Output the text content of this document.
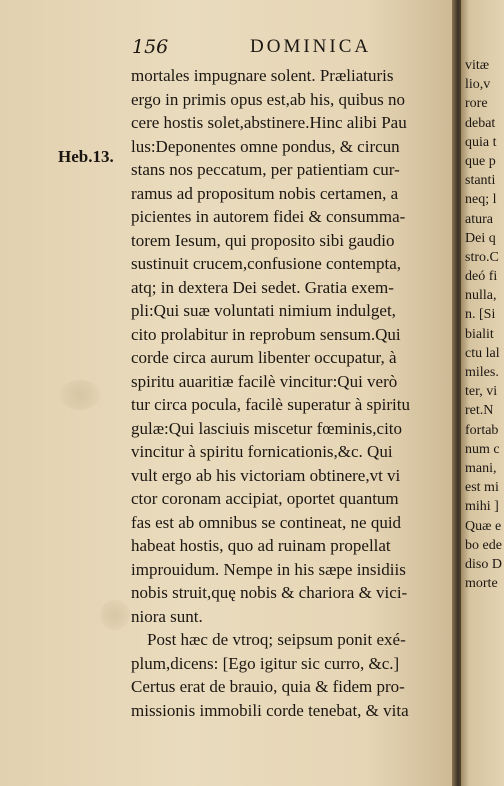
156	DOMINICA
Heb.13.
mortales impugnare solent. Præliaturis
ergo in primis opus est,ab his, quibus no
cere hostis solet,abstinere.Hinc alibi Pau
lus:Deponentes omne pondus, & circun
stans nos peccatum, per patientiam cur-
ramus ad propositum nobis certamen, a
picientes in autorem fidei & consumma-
torem Iesum, qui proposito sibi gaudio
sustinuit crucem,confusione contempta,
atq; in dextera Dei sedet. Gratia exem-
pli:Qui suæ voluntati nimium indulget,
cito prolabitur in reprobum sensum.Qui
corde circa aurum libenter occupatur, à
spiritu auaritiæ facilè vincitur:Qui verò
tur circa pocula, facilè superatur à spiritu
gulæ:Qui lasciuis miscetur fœminis,cito
vincitur à spiritu fornicationis,&c. Qui
vult ergo ab his victoriam obtinere,vt vi
ctor coronam accipiat, oportet quantum
fas est ab omnibus se contineat, ne quid
habeat hostis, quo ad ruinam propellat
improuidum. Nempe in his sæpe insidiis
nobis struit,quę nobis & chariora & vici-
niora sunt.
Post hæc de vtroq; seipsum ponit exé-
plum,dicens: [Ego igitur sic curro, &c.]
Certus erat de brauio, quia & fidem pro-
missionis immobili corde tenebat, & vita
vitæ
lio,v
rore
debat
quia t
que p
stanti
neq; l
atura
Dei q
stro.C
deó fi
nulla,
n. [Si
bialit
ctu lal
miles.
ter, vi
ret.N
fortab
num c
mani,
est mi
mihi ]
Quæ e
bo ede
diso D
morte
